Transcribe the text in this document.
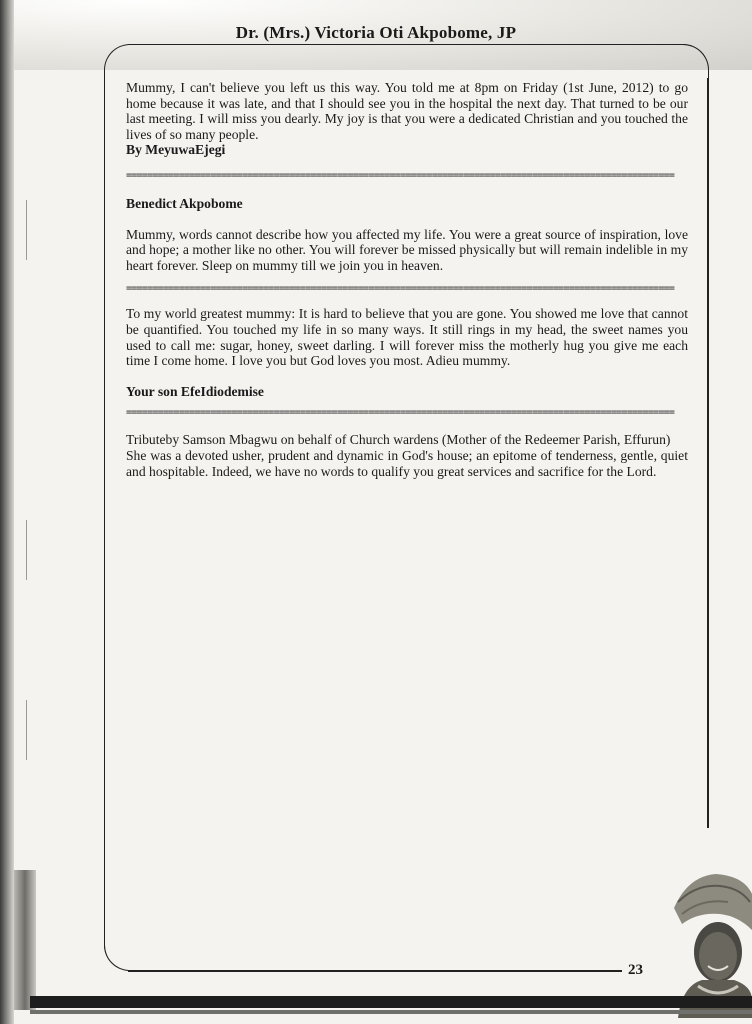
Dr. (Mrs.) Victoria Oti Akpobome, JP

Mummy, I can't believe you left us this way. You told me at 8pm on Friday (1st June, 2012) to go home because it was late, and that I should see you in the hospital the next day. That turned to be our last meeting. I will miss you dearly. My joy is that you were a dedicated Christian and you touched the lives of so many people.

By MeyuwaEjegi

========================================================================================================

Benedict Akpobome

Mummy, words cannot describe how you affected my life. You were a great source of inspiration, love and hope; a mother like no other. You will forever be missed physically but will remain indelible in my heart forever. Sleep on mummy till we join you in heaven.

========================================================================================================

To my world greatest mummy: It is hard to believe that you are gone. You showed me love that cannot be quantified. You touched my life in so many ways. It still rings in my head, the sweet names you used to call me: sugar, honey, sweet darling. I will forever miss the motherly hug you give me each time I come home. I love you but God loves you most. Adieu mummy.

Your son EfeIdiodemise

========================================================================================================

Tributeby Samson Mbagwu on behalf of Church wardens (Mother of the Redeemer Parish, Effurun)

She was a devoted usher, prudent and dynamic in God's house; an epitome of tenderness, gentle, quiet and hospitable. Indeed, we have no words to qualify you great services and sacrifice for the Lord.

23
